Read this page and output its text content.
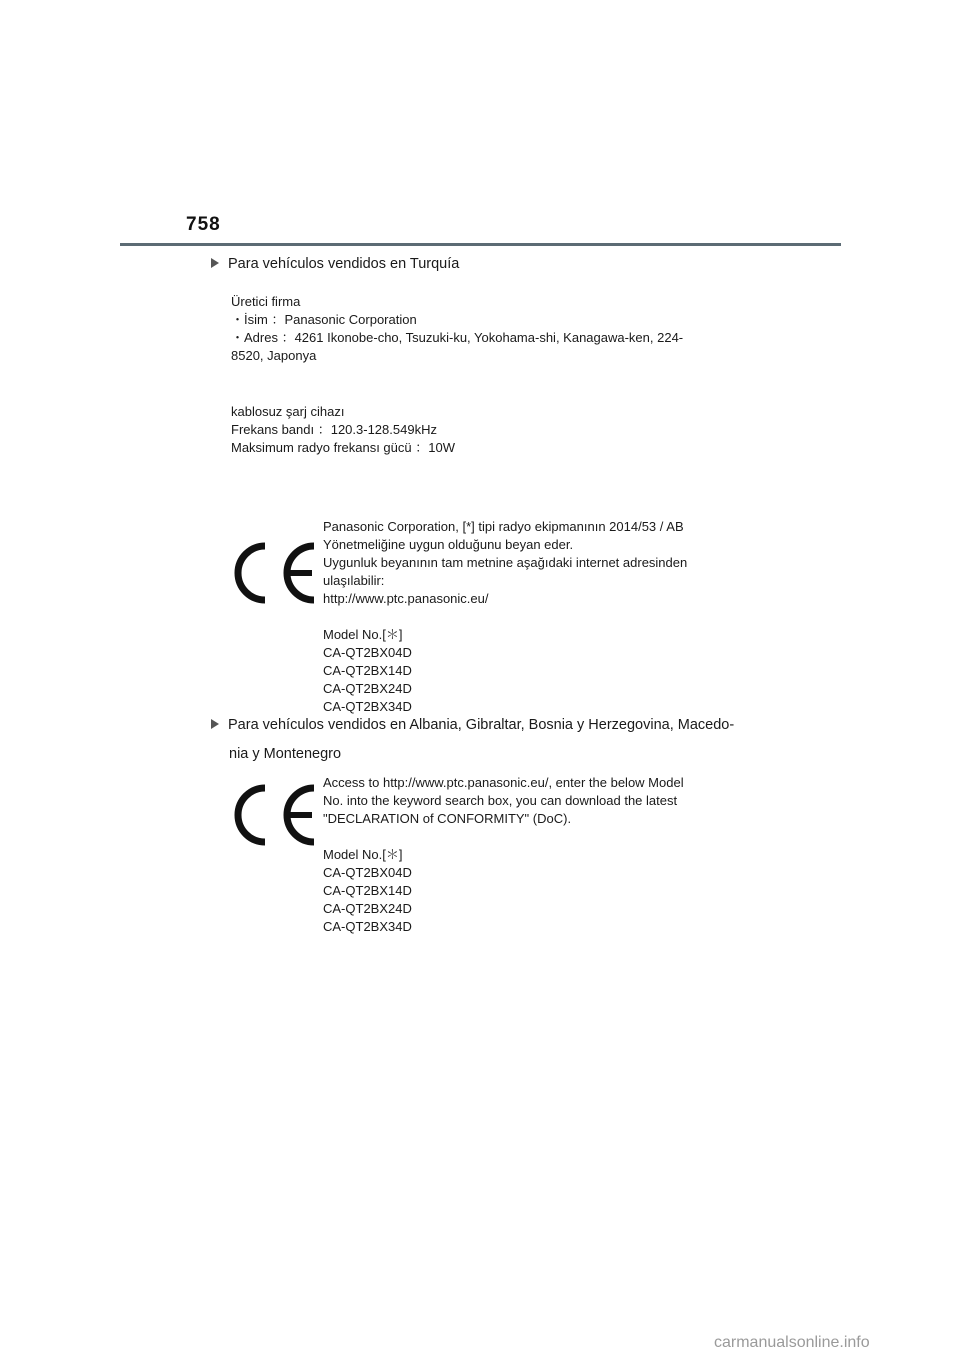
758
Para vehículos vendidos en Turquía
Üretici firma
・İsim ：Panasonic Corporation
・Adres ：4261 Ikonobe-cho, Tsuzuki-ku, Yokohama-shi, Kanagawa-ken, 224-
8520, Japonya
kablosuz şarj cihazı
Frekans bandı ：120.3-128.549kHz
Maksimum radyo frekansı gücü ：10W
Panasonic Corporation, [*] tipi radyo ekipmanının 2014/53 / AB
Yönetmeliğine uygun olduğunu beyan eder.
Uygunluk beyanının tam metnine aşağıdaki internet adresinden
ulaşılabilir:
http://www.ptc.panasonic.eu/
Model No.[＊]
CA-QT2BX04D
CA-QT2BX14D
CA-QT2BX24D
CA-QT2BX34D
Para vehículos vendidos en Albania, Gibraltar, Bosnia y Herzegovina, Macedo-
nia y Montenegro
Access to http://www.ptc.panasonic.eu/, enter the below Model
No. into the keyword search box, you can download the latest
"DECLARATION of CONFORMITY" (DoC).
Model No.[＊]
CA-QT2BX04D
CA-QT2BX14D
CA-QT2BX24D
CA-QT2BX34D
carmanualsonline.info
